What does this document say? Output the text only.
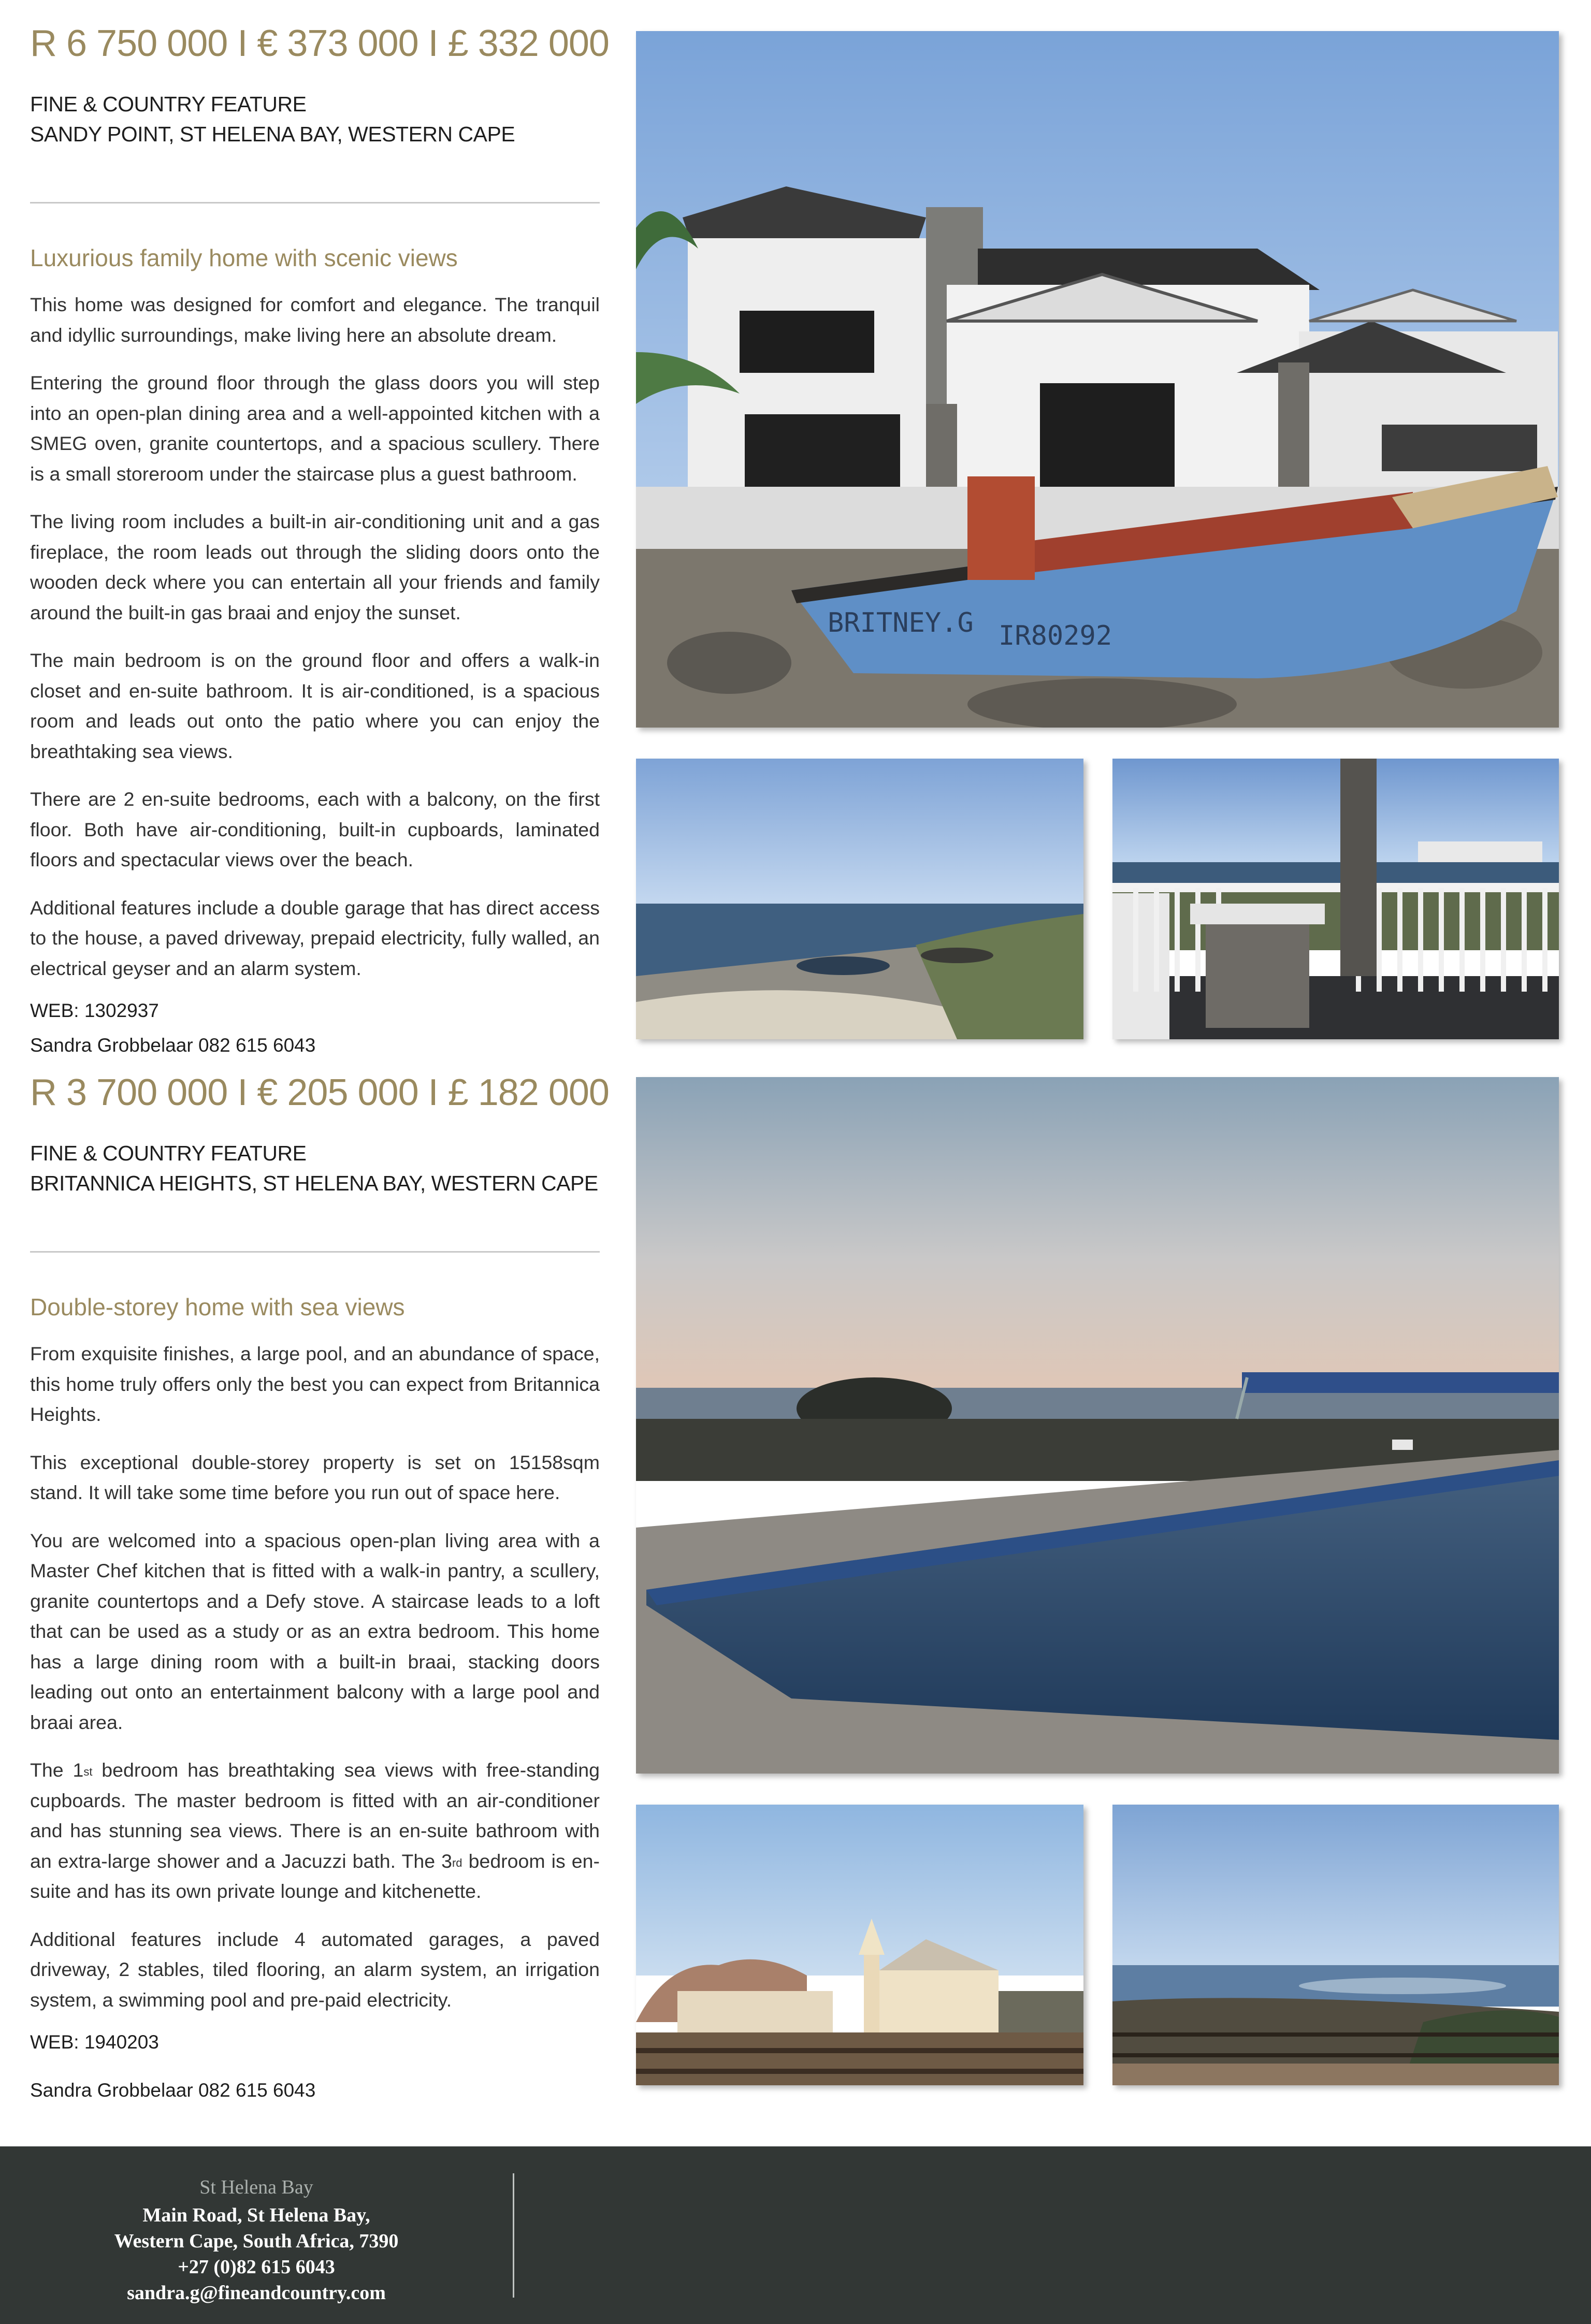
R 6 750 000 I € 373 000 I £ 332 000
FINE & COUNTRY FEATURE
SANDY POINT, ST HELENA BAY, WESTERN CAPE
Luxurious family home with scenic views

This home was designed for comfort and elegance. The tranquil and idyllic surroundings, make living here an absolute dream.

Entering the ground floor through the glass doors you will step into an open-plan dining area and a well-appointed kitchen with a SMEG oven, granite countertops, and a spacious scullery. There is a small storeroom under the staircase plus a guest bathroom.

The living room includes a built-in air-conditioning unit and a gas fireplace, the room leads out through the sliding doors onto the wooden deck where you can entertain all your friends and family around the built-in gas braai and enjoy the sunset.

The main bedroom is on the ground floor and offers a walk-in closet and en-suite bathroom. It is air-conditioned, is a spacious room and leads out onto the patio where you can enjoy the breathtaking sea views.

There are 2 en-suite bedrooms, each with a balcony, on the first floor. Both have air-conditioning, built-in cupboards, laminated floors and spectacular views over the beach.

Additional features include a double garage that has direct access to the house, a paved driveway, prepaid electricity, fully walled, an electrical geyser and an alarm system.

WEB: 1302937
Sandra Grobbelaar 082 615 6043
BRITNEY.G IR80292
R 3 700 000 I € 205 000 I £ 182 000
FINE & COUNTRY FEATURE
BRITANNICA HEIGHTS, ST HELENA BAY, WESTERN CAPE
Double-storey home with sea views

From exquisite finishes, a large pool, and an abundance of space, this home truly offers only the best you can expect from Britannica Heights.

This exceptional double-storey property is set on 15158sqm stand. It will take some time before you run out of space here.

You are welcomed into a spacious open-plan living area with a Master Chef kitchen that is fitted with a walk-in pantry, a scullery, granite countertops and a Defy stove. A staircase leads to a loft that can be used as a study or as an extra bedroom. This home has a large dining room with a built-in braai, stacking doors leading out onto an entertainment balcony with a large pool and braai area.

The 1st bedroom has breathtaking sea views with free-standing cupboards. The master bedroom is fitted with an air-conditioner and has stunning sea views. There is an en-suite bathroom with an extra-large shower and a Jacuzzi bath. The 3rd bedroom is en-suite and has its own private lounge and kitchenette.

Additional features include 4 automated garages, a paved driveway, 2 stables, tiled flooring, an alarm system, an irrigation system, a swimming pool and pre-paid electricity.

WEB: 1940203
Sandra Grobbelaar 082 615 6043
St Helena Bay
Main Road, St Helena Bay,
Western Cape, South Africa, 7390
+27 (0)82 615 6043
sandra.g@fineandcountry.com
